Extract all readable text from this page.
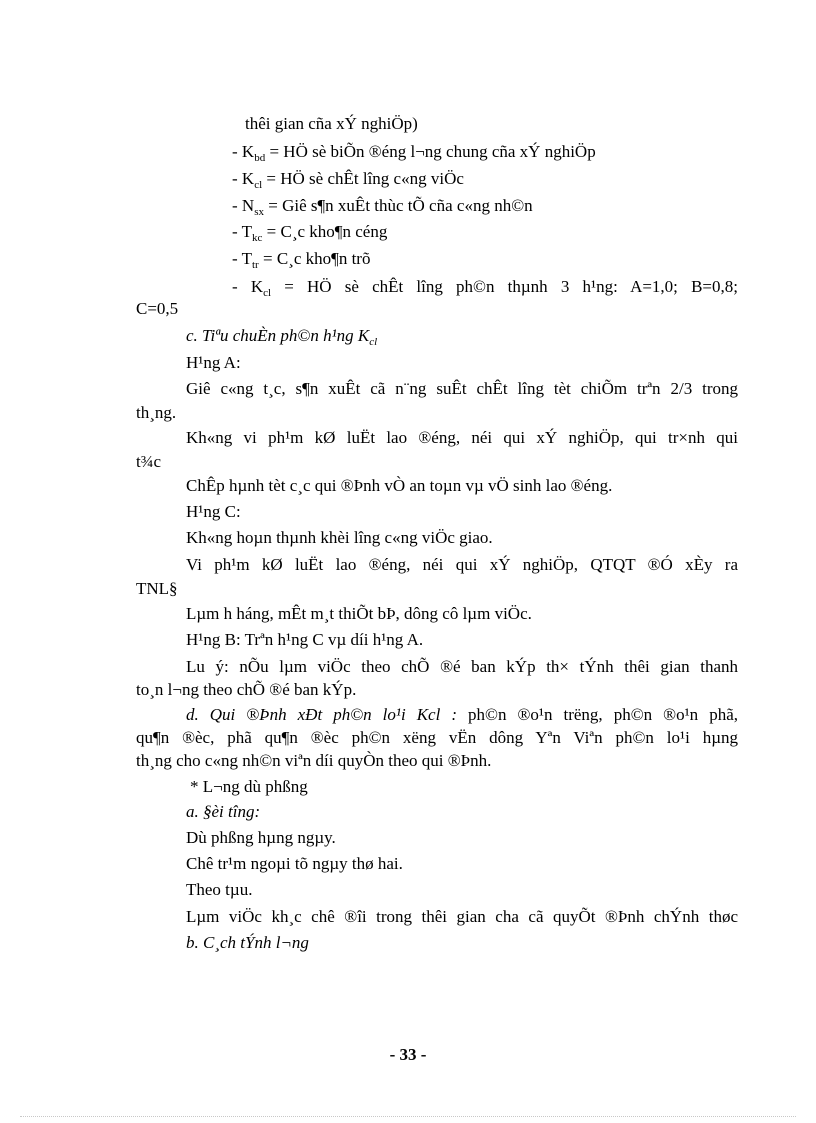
thêi gian cña xÝ nghiÖp)
- $K_{bd}$ = HÖ sè biÕn ®éng l¬ng chung cña xÝ nghiÖp
- $K_{cl}$ = HÖ sè chÊt lîng c«ng viÖc
- $N_{sx}$ = Giê s¶n xuÊt thùc tÕ cña c«ng nh©n
- $T_{kc}$ = C¸c kho¶n céng
- $T_{tr}$ = C¸c kho¶n trõ
- $K_{cl}$ = HÖ sè chÊt lîng ph©n thµnh 3 h¹ng: A=1,0; B=0,8;
C=0,5
c. Tiªu chuÈn ph©n h¹ng $K_{cl}$
H¹ng A:
Giê c«ng t¸c, s¶n xuÊt cã n¨ng suÊt chÊt lîng tèt chiÕm trªn 2/3 trong
th¸ng.
Kh«ng vi ph¹m kØ luËt lao ®éng, néi qui xÝ nghiÖp, qui tr×nh qui
t¾c
ChÊp hµnh tèt c¸c qui ®Þnh vÒ an toµn vµ vÖ sinh lao ®éng.
H¹ng C:
Kh«ng hoµn thµnh khèi lîng c«ng viÖc giao.
Vi ph¹m kØ luËt lao ®éng, néi qui xÝ nghiÖp, QTQT ®Ó xÈy ra
TNL§
Lµm h háng, mÊt m¸t thiÕt bÞ, dông cô lµm viÖc.
H¹ng B: Trªn h¹ng C vµ díi h¹ng A.
Lu ý: nÕu lµm viÖc theo chÕ ®é ban kÝp th× tÝnh thêi gian thanh
to¸n l¬ng theo chÕ ®é ban kÝp.
d. Qui ®Þnh xÐt ph©n lo¹i Kcl : ph©n ®o¹n trëng, ph©n ®o¹n phã,
qu¶n ®èc, phã qu¶n ®èc ph©n xëng vËn dông Yªn Viªn ph©n lo¹i hµng
th¸ng cho c«ng nh©n viªn díi quyÒn theo qui ®Þnh.
* L¬ng dù phßng
a. §èi tîng:
Dù phßng hµng ngµy.
Chê tr¹m ngoµi tõ ngµy thø hai.
Theo tµu.
Lµm viÖc kh¸c chê ®îi trong thêi gian cha cã quyÕt ®Þnh chÝnh thøc
b. C¸ch tÝnh l¬ng
- 33 -
